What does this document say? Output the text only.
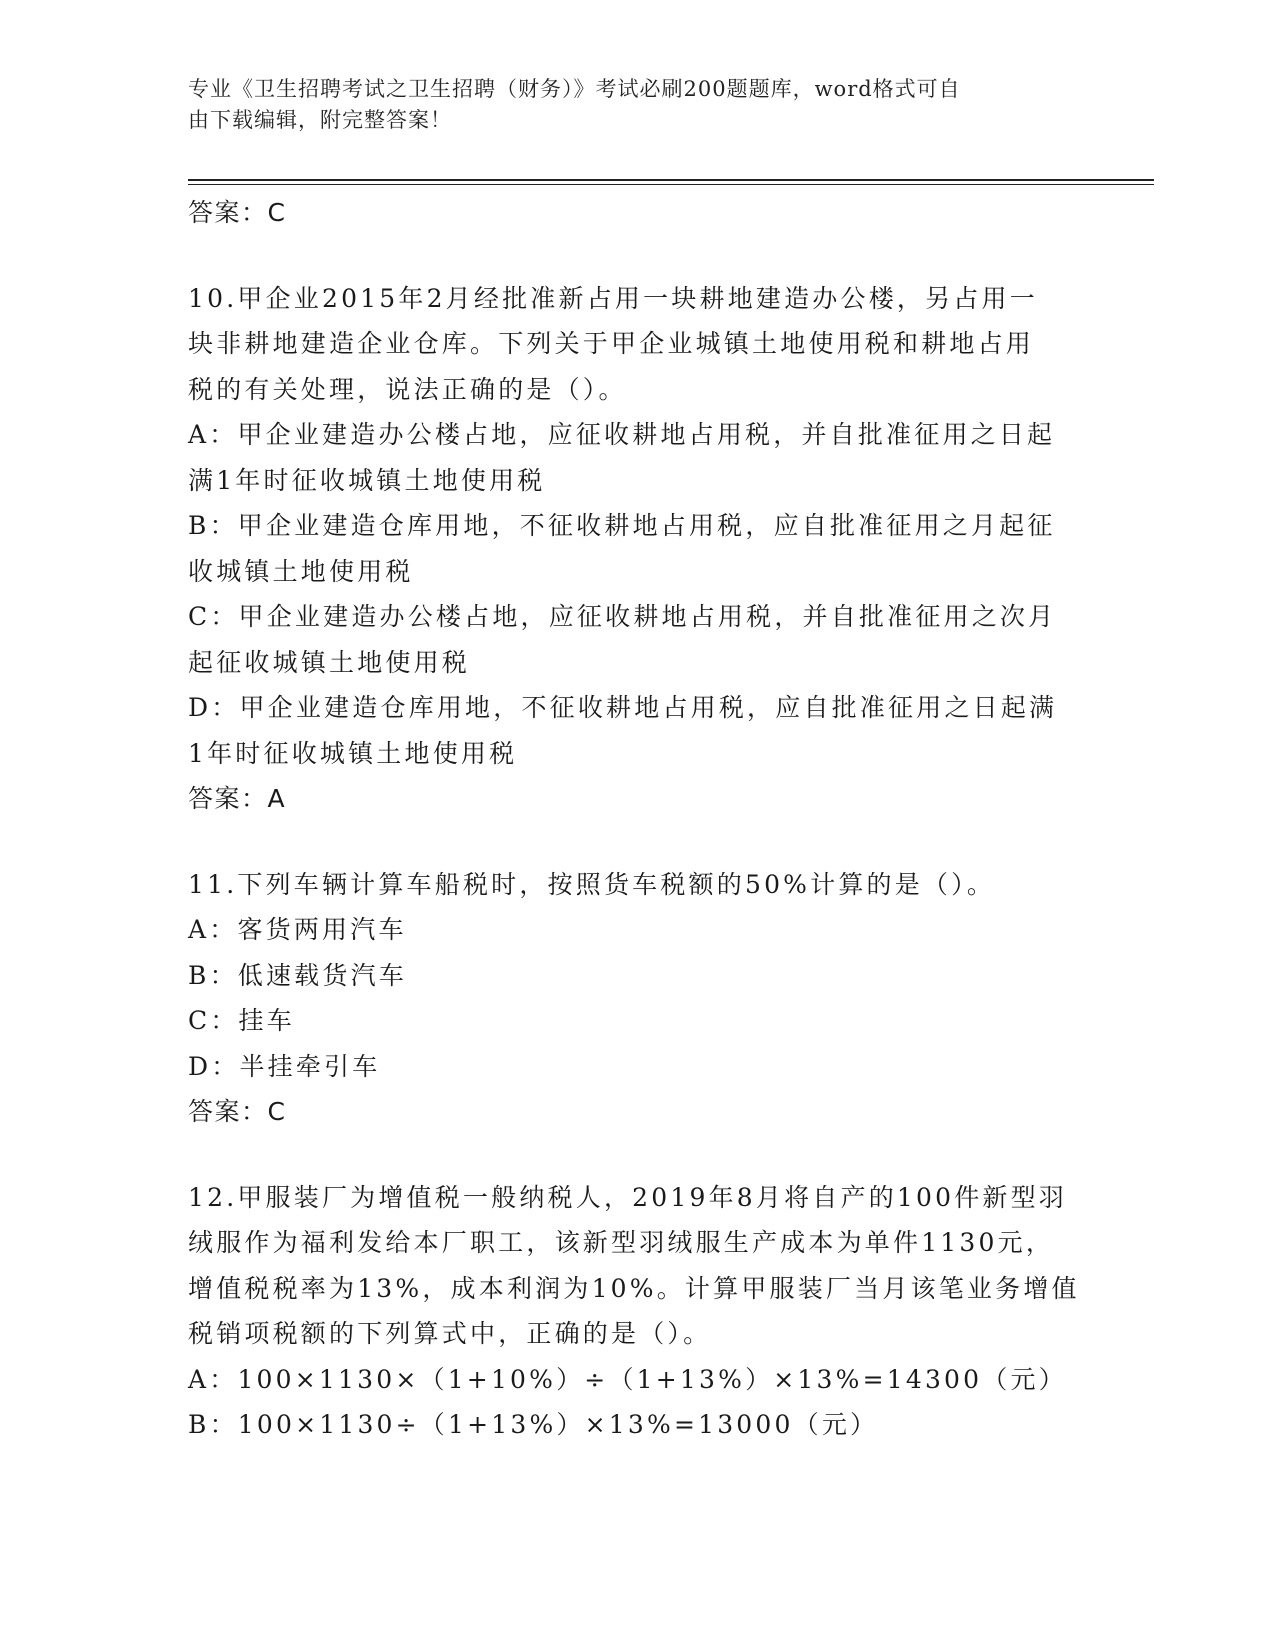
专业《卫生招聘考试之卫生招聘（财务）》考试必刷200题题库，word格式可自
由下载编辑，附完整答案！
答案：C
10.甲企业2015年2月经批准新占用一块耕地建造办公楼，另占用一
块非耕地建造企业仓库。下列关于甲企业城镇土地使用税和耕地占用
税的有关处理，说法正确的是（）。
A：甲企业建造办公楼占地，应征收耕地占用税，并自批准征用之日起
满1年时征收城镇土地使用税
B：甲企业建造仓库用地，不征收耕地占用税，应自批准征用之月起征
收城镇土地使用税
C：甲企业建造办公楼占地，应征收耕地占用税，并自批准征用之次月
起征收城镇土地使用税
D：甲企业建造仓库用地，不征收耕地占用税，应自批准征用之日起满
1年时征收城镇土地使用税
答案：A
11.下列车辆计算车船税时，按照货车税额的50%计算的是（）。
A：客货两用汽车
B：低速载货汽车
C：挂车
D：半挂牵引车
答案：C
12.甲服装厂为增值税一般纳税人，2019年8月将自产的100件新型羽
绒服作为福利发给本厂职工，该新型羽绒服生产成本为单件1130元，
增值税税率为13%，成本利润为10%。计算甲服装厂当月该笔业务增值
税销项税额的下列算式中，正确的是（）。
A：100×1130×（1+10%）÷（1+13%）×13%=14300（元）
B：100×1130÷（1+13%）×13%=13000（元）
